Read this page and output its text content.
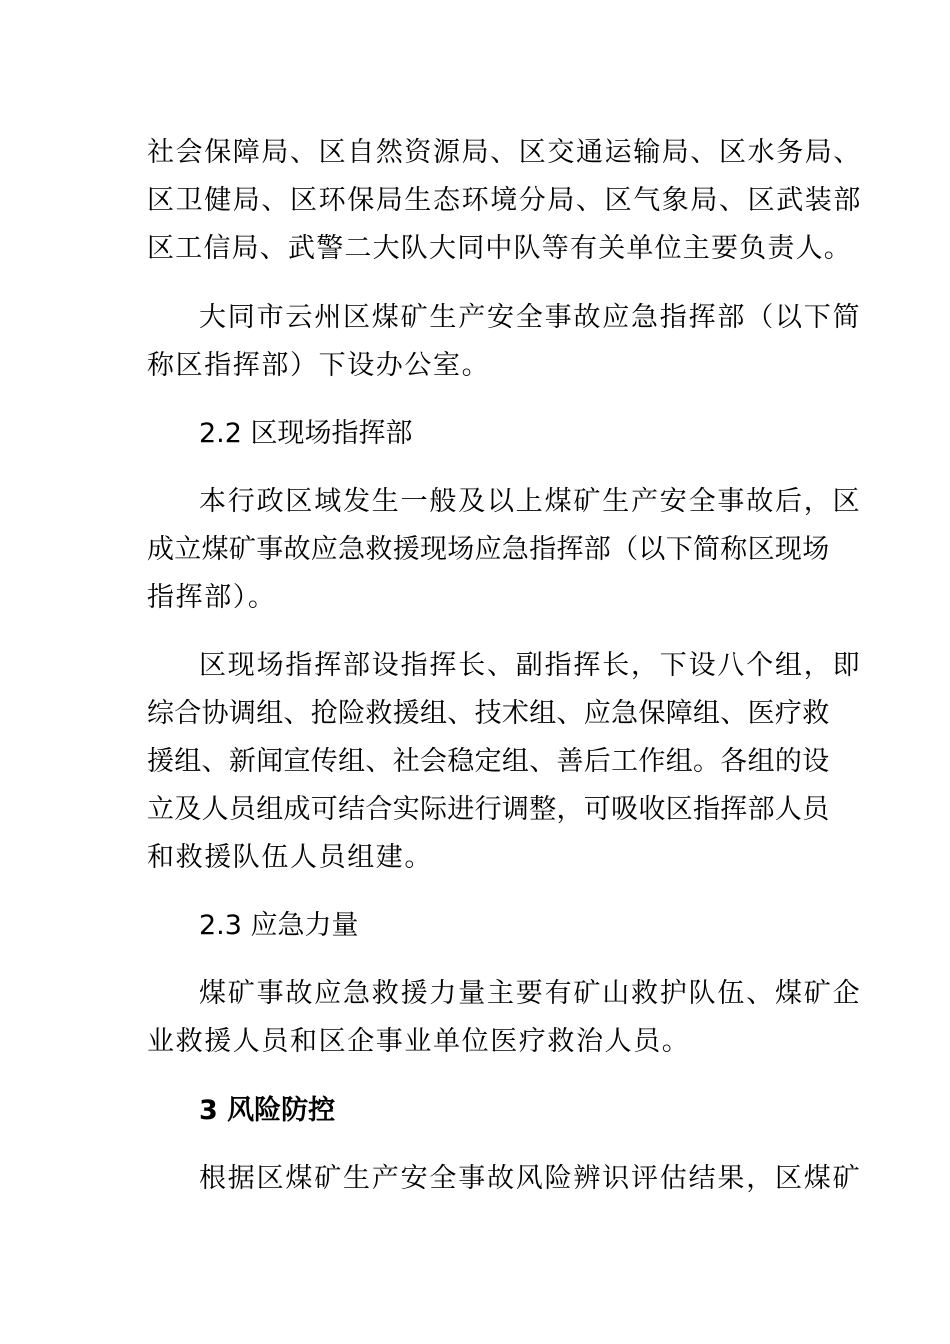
社会保障局、区自然资源局、区交通运输局、区水务局、
区卫健局、区环保局生态环境分局、区气象局、区武装部
区工信局、武警二大队大同中队等有关单位主要负责人。
大同市云州区煤矿生产安全事故应急指挥部（以下简
称区指挥部）下设办公室。
2.2 区现场指挥部
本行政区域发生一般及以上煤矿生产安全事故后，区
成立煤矿事故应急救援现场应急指挥部（以下简称区现场
指挥部）。
区现场指挥部设指挥长、副指挥长，下设八个组，即
综合协调组、抢险救援组、技术组、应急保障组、医疗救
援组、新闻宣传组、社会稳定组、善后工作组。各组的设
立及人员组成可结合实际进行调整，可吸收区指挥部人员
和救援队伍人员组建。
2.3 应急力量
煤矿事故应急救援力量主要有矿山救护队伍、煤矿企
业救援人员和区企事业单位医疗救治人员。
3 风险防控
根据区煤矿生产安全事故风险辨识评估结果，区煤矿
